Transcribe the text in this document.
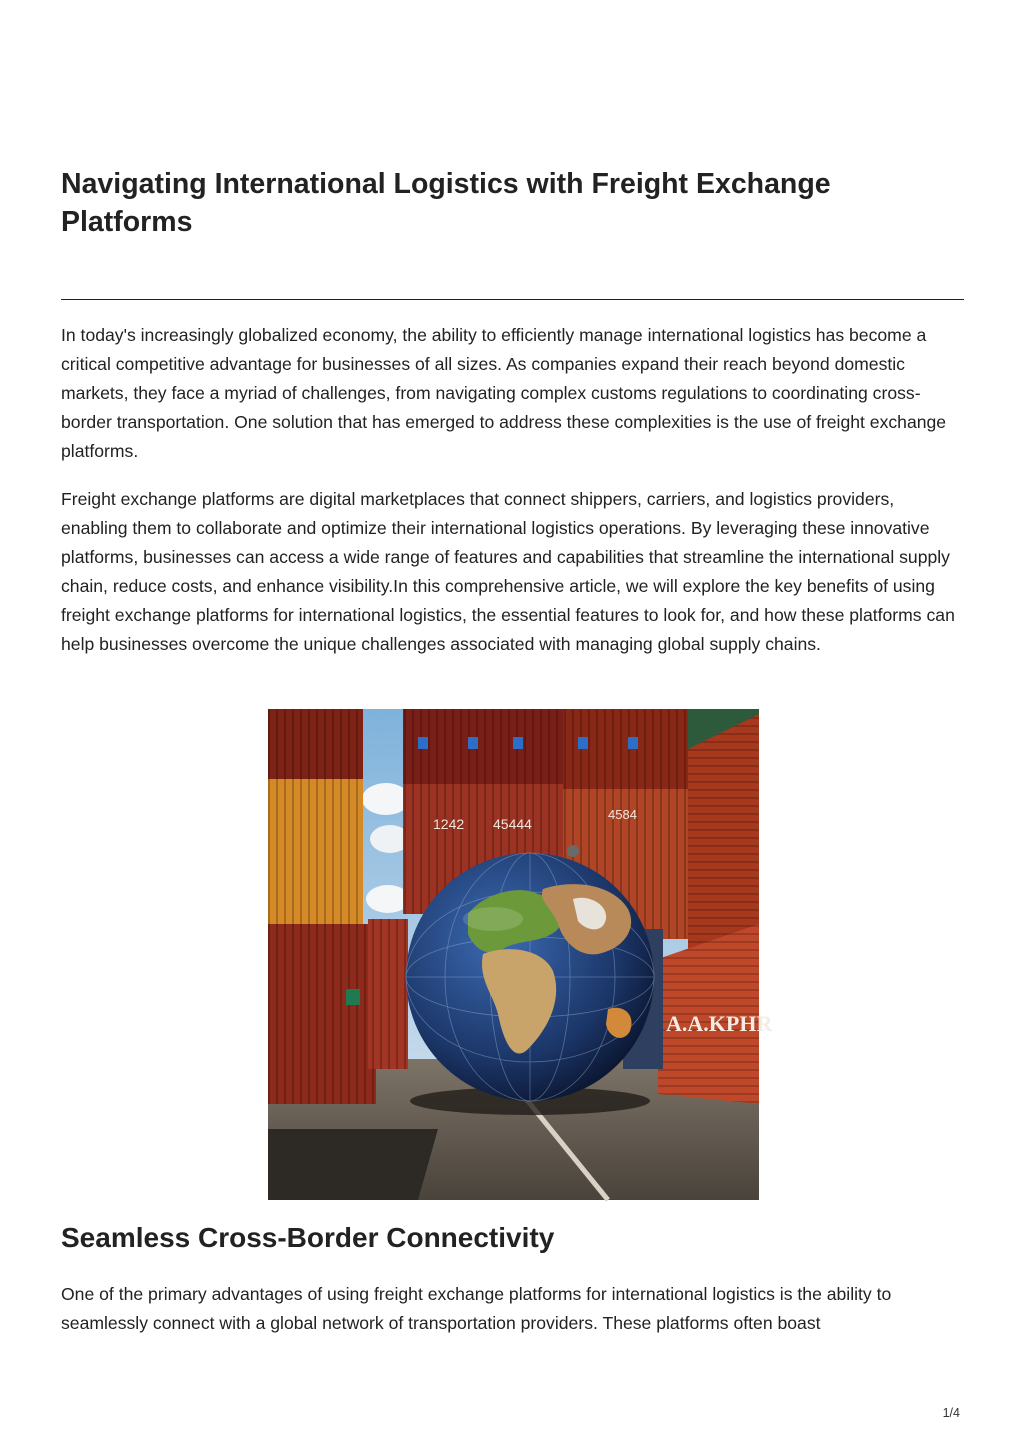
Navigating International Logistics with Freight Exchange Platforms

In today's increasingly globalized economy, the ability to efficiently manage international logistics has become a critical competitive advantage for businesses of all sizes. As companies expand their reach beyond domestic markets, they face a myriad of challenges, from navigating complex customs regulations to coordinating cross-border transportation. One solution that has emerged to address these complexities is the use of freight exchange platforms.

Freight exchange platforms are digital marketplaces that connect shippers, carriers, and logistics providers, enabling them to collaborate and optimize their international logistics operations. By leveraging these innovative platforms, businesses can access a wide range of features and capabilities that streamline the international supply chain, reduce costs, and enhance visibility.In this comprehensive article, we will explore the key benefits of using freight exchange platforms for international logistics, the essential features to look for, and how these platforms can help businesses overcome the unique challenges associated with managing global supply chains.

1242 45444
4584
A.A.KPHR
Seamless Cross-Border Connectivity

One of the primary advantages of using freight exchange platforms for international logistics is the ability to seamlessly connect with a global network of transportation providers. These platforms often boast

1/4
